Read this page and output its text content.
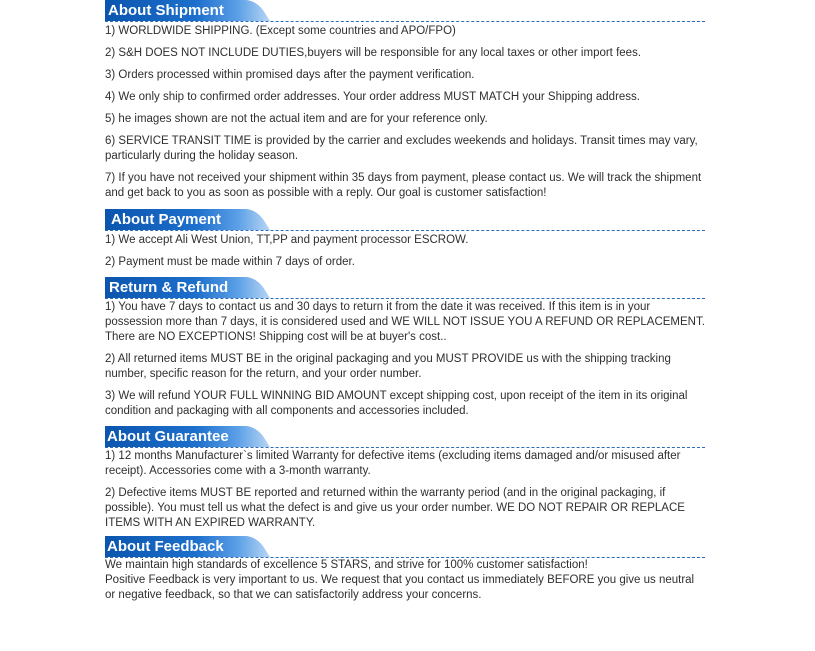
About Shipment

1) WORLDWIDE SHIPPING. (Except some countries and APO/FPO)

2) S&H DOES NOT INCLUDE DUTIES,buyers will be responsible for any local taxes or other import fees.

3) Orders processed within promised days after the payment verification.

4) We only ship to confirmed order addresses. Your order address MUST MATCH your Shipping address.

5) he images shown are not the actual item and are for your reference only.

6) SERVICE TRANSIT TIME is provided by the carrier and excludes weekends and holidays. Transit times may vary, particularly during the holiday season.

7) If you have not received your shipment within 35 days from payment, please contact us. We will track the shipment and get back to you as soon as possible with a reply. Our goal is customer satisfaction!

About Payment

1) We accept Ali West Union, TT,PP and payment processor ESCROW.

2) Payment must be made within 7 days of order.

Return & Refund

1) You have 7 days to contact us and 30 days to return it from the date it was received. If this item is in your possession more than 7 days, it is considered used and WE WILL NOT ISSUE YOU A REFUND OR REPLACEMENT. There are NO EXCEPTIONS! Shipping cost will be at buyer's cost..

2) All returned items MUST BE in the original packaging and you MUST PROVIDE us with the shipping tracking number, specific reason for the return, and your order number.

3) We will refund YOUR FULL WINNING BID AMOUNT except shipping cost, upon receipt of the item in its original condition and packaging with all components and accessories included.

About Guarantee

1) 12 months Manufacturer`s limited Warranty for defective items (excluding items damaged and/or misused after receipt). Accessories come with a 3-month warranty.

2) Defective items MUST BE reported and returned within the warranty period (and in the original packaging, if possible). You must tell us what the defect is and give us your order number. WE DO NOT REPAIR OR REPLACE ITEMS WITH AN EXPIRED WARRANTY.

About Feedback

We maintain high standards of excellence 5 STARS, and strive for 100% customer satisfaction!

Positive Feedback is very important to us. We request that you contact us immediately BEFORE you give us neutral or negative feedback, so that we can satisfactorily address your concerns.
